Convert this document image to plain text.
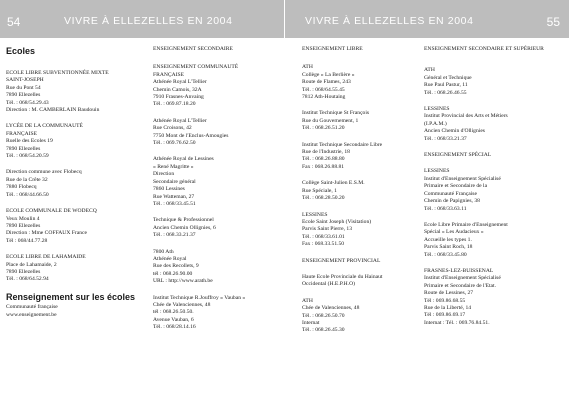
54	VIVRE À ELLEZELLES EN 2004	VIVRE À ELLEZELLES EN 2004	55
Ecoles
ECOLE LIBRE SUBVENTIONNÉE MIXTE
SAINT-JOSEPH
Rue du Pont 54
7890 Ellezelles
Tél. : 068/54.29.43
Direction : M. CAMBERLAIN Baudouin
LYCÉE DE LA COMMUNAUTÉ
FRANÇAISE
Ruelle des Ecoles 19
7890 Ellezelles
Tél. : 068/54.20.59
Direction commune avec Flobecq
Rue de la Crête 32
7880 Flobecq
Tél. : 068/44.66.50
ECOLE COMMUNALE DE WODECQ
Veux Moulin 4
7890 Ellezelles
Direction : Mme COFFAUX France
Tél : 068/44.77.28
ECOLE LIBRE DE LAHAMAIDE
Place de Lahamaide, 2
7890 Ellezelles
Tél. : 068/64.52.94
Renseignement sur les écoles
Communauté française
www.enseignement.be
ENSEIGNEMENT SECONDAIRE
ENSEIGNEMENT COMMUNAUTÉ
FRANÇAISE
Athénée Royal L'Tellier
Chemin Camois, 32A
7910 Frasnes-Anvaing
Tél. : 069.87.18.20
Athénée Royal L'Tellier
Rue Croisons, 42
7750 Mont de l'Enclus-Amougies
Tél. : 069.76.62.50
Athénée Royal de Lessines
« René Magritte »
Direction
Secondaire général
7860 Lessines
Rue Watteman, 27
Tél. : 068/33.45.51
Technique & Professionnel
Ancien Chemin Ollignies, 6
Tél. : 068.33.21.37
7800 Ath
Athénée Royal
Rue des Recollets, 9
tél : 068.26.90.00
URL : http://www.arath.be
Institut Technique R.Jouffroy « Vauban »
Chée de Valenciennes, 48
tél : 068.26.50.50.
Avenue Vauban, 6
Tél. : 068/28.14.16
ENSEIGNEMENT LIBRE
ATH
Collège « La Berlière »
Route de Flames, 243
Tél. : 068/64.55.45
7812 Ath-Houtaing
Institut Technique St François
Rue du Gouvernement, 1
Tél. : 068.26.51.20
Institut Technique Secondaire Libre
Rue de l'Industrie, 18
Tél. : 068.26.88.80
Fax : 068.26.88.81
Collège Saint-Julien E.S.M.
Rue Spéciale, 1
Tél. : 068.28.50.20
LESSINES
Ecole Saint Joseph (Visitation)
Parvis Saint Pierre, 13
Tél. : 068/33.61.01
Fax : 068.33.51.50
ENSEIGNEMENT PROVINCIAL
Haute Ecole Provinciale du Hainaut
Occidental (H.E.P.H.O)
ATH
Chée de Valenciennes, 48
Tél. : 068.26.50.70
Internat
Tél. : 068.26.45.30
ENSEIGNEMENT SECONDAIRE ET SUPÉRIEUR
ATH
Général et Technique
Rue Paul Pastur, 11
Tél. : 068.26.46.55
LESSINES
Institut Provincial des Arts et Métiers
(I.P.A.M.)
Ancien Chemin d'Ollignies
Tél. : 068/33.21.37
ENSEIGNEMENT SPÉCIAL
LESSINES
Institut d'Enseignement Spécialisé
Primaire et Secondaire de la
Communauté Française
Chemin de Papignies, 38
Tél. : 068/33.63.11
Ecole Libre Primaire d'Enseignement
Spécial « Les Audacieux »
Accueille les types 1.
Parvis Saint Roch, 18
Tél. : 068/33.45.80
FRASNES-LEZ-BUISSENAL
Institut d'Enseignement Spécialisé
Primaire et Secondaire de l'Etat.
Route de Lessines, 27
Tél : 069.86.68.55
Rue de la Liberté, 14
Tél : 069.86.69.17
Internat : Tél. : 069.76.84.51.
